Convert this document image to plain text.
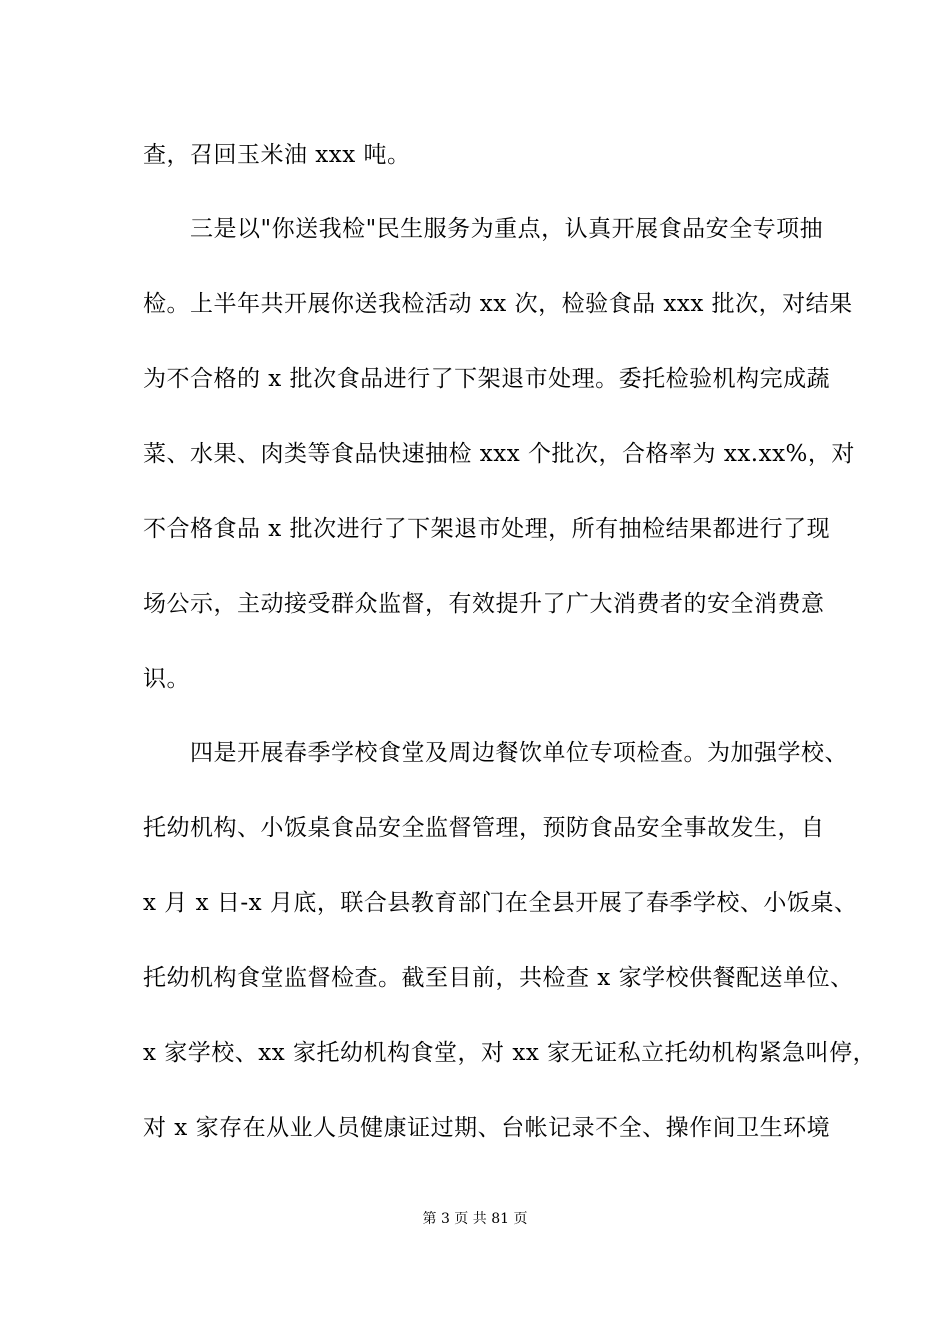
查，召回玉米油 xxx 吨。
三是以"你送我检"民生服务为重点，认真开展食品安全专项抽
检。上半年共开展你送我检活动 xx 次，检验食品 xxx 批次，对结果
为不合格的 x 批次食品进行了下架退市处理。委托检验机构完成蔬
菜、水果、肉类等食品快速抽检 xxx 个批次，合格率为 xx.xx%，对
不合格食品 x 批次进行了下架退市处理，所有抽检结果都进行了现
场公示，主动接受群众监督，有效提升了广大消费者的安全消费意
识。
四是开展春季学校食堂及周边餐饮单位专项检查。为加强学校、
托幼机构、小饭桌食品安全监督管理，预防食品安全事故发生，自
x 月 x 日-x 月底，联合县教育部门在全县开展了春季学校、小饭桌、
托幼机构食堂监督检查。截至目前，共检查 x 家学校供餐配送单位、
x 家学校、xx 家托幼机构食堂，对 xx 家无证私立托幼机构紧急叫停，
对 x 家存在从业人员健康证过期、台帐记录不全、操作间卫生环境
第 3 页 共 81 页
